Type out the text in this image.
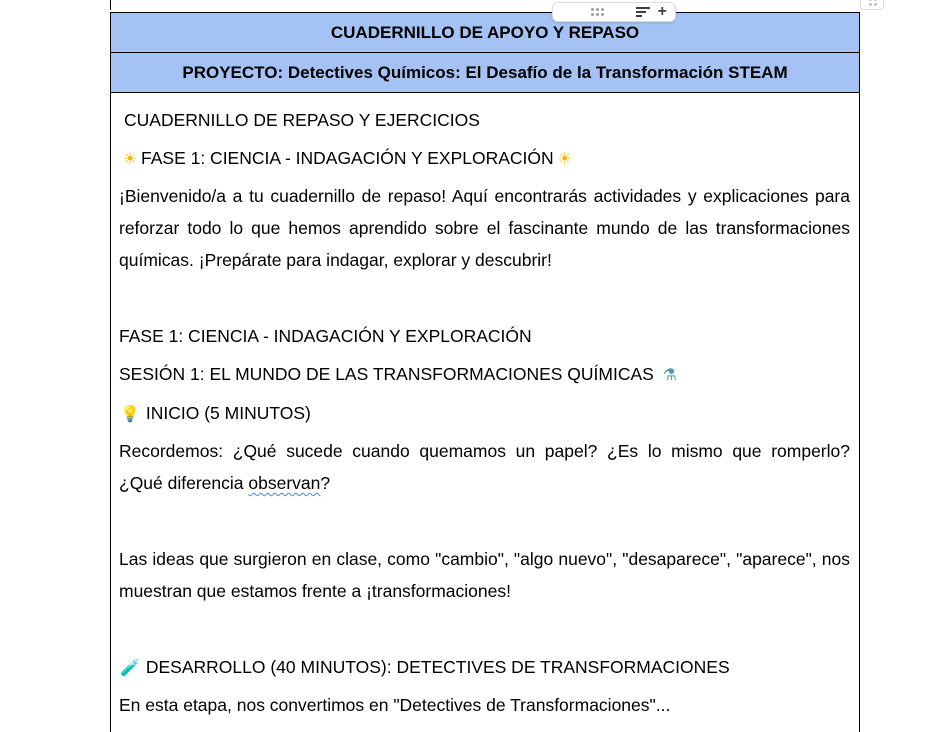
CUADERNILLO DE APOYO Y REPASO
PROYECTO: Detectives Químicos: El Desafío de la Transformación STEAM
CUADERNILLO DE REPASO Y EJERCICIOS
☀ FASE 1: CIENCIA - INDAGACIÓN Y EXPLORACIÓN ☀
¡Bienvenido/a a tu cuadernillo de repaso! Aquí encontrarás actividades y explicaciones para reforzar todo lo que hemos aprendido sobre el fascinante mundo de las transformaciones químicas. ¡Prepárate para indagar, explorar y descubrir!
FASE 1: CIENCIA - INDAGACIÓN Y EXPLORACIÓN
SESIÓN 1: EL MUNDO DE LAS TRANSFORMACIONES QUÍMICAS ⚗
💡 INICIO (5 MINUTOS)
Recordemos: ¿Qué sucede cuando quemamos un papel? ¿Es lo mismo que romperlo?
¿Qué diferencia observan?
Las ideas que surgieron en clase, como "cambio", "algo nuevo", "desaparece", "aparece", nos muestran que estamos frente a ¡transformaciones!
🧪 DESARROLLO (40 MINUTOS): DETECTIVES DE TRANSFORMACIONES
En esta etapa, nos convertimos en "Detectives de Transformaciones"...
+
